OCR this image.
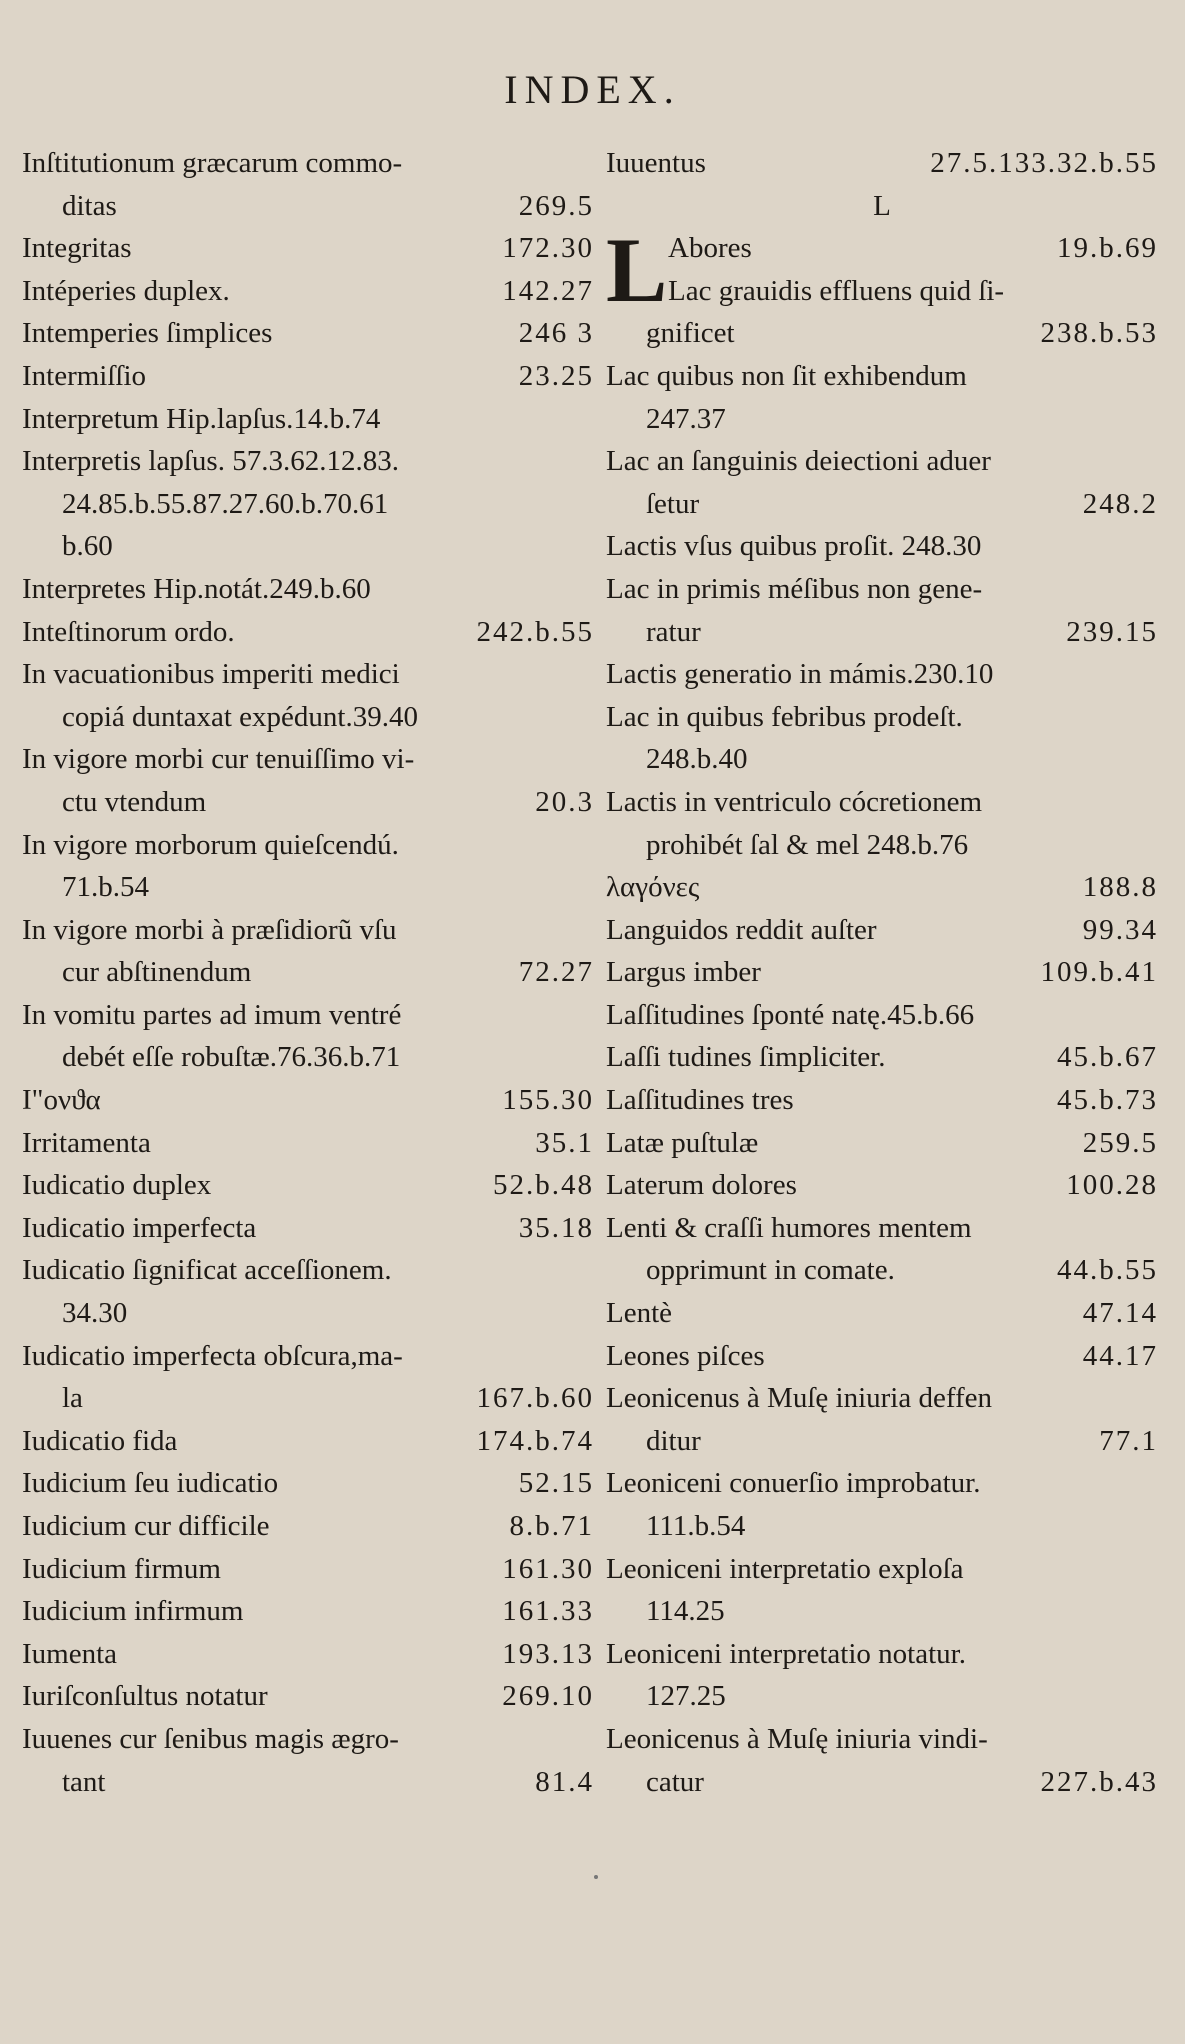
INDEX.
Inſtitutionum græcarum commo-
ditas	269.5
Integritas	172.30
Intéperies duplex.	142.27
Intemperies ſimplices	246 3
Intermiſſio	23.25
Interpretum Hip.lapſus.14.b.74
Interpretis lapſus. 57.3.62.12.83.
24.85.b.55.87.27.60.b.70.61
b.60
Interpretes Hip.notát.249.b.60
Inteſtinorum ordo.	242.b.55
In vacuationibus imperiti medici
copiá duntaxat expédunt.39.40
In vigore morbi cur tenuiſſimo vi-
ctu vtendum	20.3
In vigore morborum quieſcendú.
71.b.54
In vigore morbi à præſidiorũ vſu
cur abſtinendum	72.27
In vomitu partes ad imum ventré
debét eſſe robuſtæ.76.36.b.71
Ι"ονϑα	155.30
Irritamenta	35.1
Iudicatio duplex	52.b.48
Iudicatio imperfecta	35.18
Iudicatio ſignificat acceſſionem.
34.30
Iudicatio imperfecta obſcura,ma-
la	167.b.60
Iudicatio fida	174.b.74
Iudicium ſeu iudicatio	52.15
Iudicium cur difficile	8.b.71
Iudicium firmum	161.30
Iudicium infirmum	161.33
Iumenta	193.13
Iuriſconſultus notatur	269.10
Iuuenes cur ſenibus magis ægro-
tant	81.4
Iuuentus	27.5.133.32.b.55
L
L Abores	19.b.69
Lac grauidis effluens quid ſi-
gnificet	238.b.53
Lac quibus non ſit exhibendum
247.37
Lac an ſanguinis deiectioni aduer
ſetur	248.2
Lactis vſus quibus proſit. 248.30
Lac in primis méſibus non gene-
ratur	239.15
Lactis generatio in mámis.230.10
Lac in quibus febribus prodeſt.
248.b.40
Lactis in ventriculo cócretionem
prohibét ſal & mel 248.b.76
λαγόνες	188.8
Languidos reddit auſter	99.34
Largus imber	109.b.41
Laſſitudines ſponté natę.45.b.66
Laſſi tudines ſimpliciter.	45.b.67
Laſſitudines tres	45.b.73
Latæ puſtulæ	259.5
Laterum dolores	100.28
Lenti & craſſi humores mentem
opprimunt in comate.	44.b.55
Lentè	47.14
Leones piſces	44.17
Leonicenus à Muſę iniuria deffen
ditur	77.1
Leoniceni conuerſio improbatur.
111.b.54
Leoniceni interpretatio exploſa
114.25
Leoniceni interpretatio notatur.
127.25
Leonicenus à Muſę iniuria vindi-
catur	227.b.43
